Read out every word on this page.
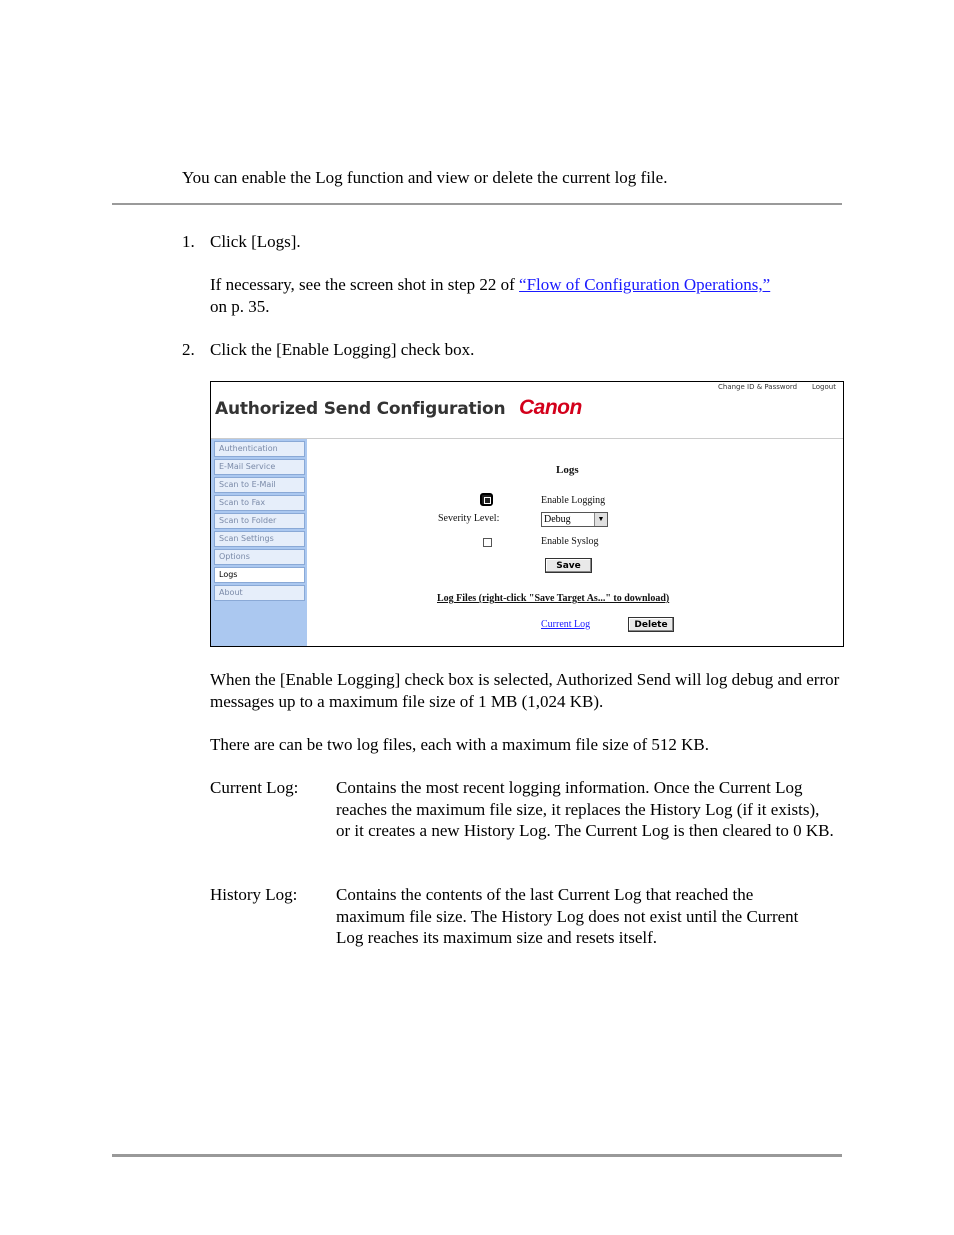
You can enable the Log function and view or delete the current log file.
1. Click [Logs].
If necessary, see the screen shot in step 22 of “Flow of Configuration Operations,”
on p. 35.
2. Click the [Enable Logging] check box.
Authorized Send Configuration Canon
Change ID & Password Logout
Authentication
E-Mail Service
Scan to E-Mail
Scan to Fax
Scan to Folder
Scan Settings
Options
Logs
About
Logs
Enable Logging
Severity Level:	Debug	▼
Enable Syslog
Save
Log Files (right-click "Save Target As..." to download)
Current Log	Delete
When the [Enable Logging] check box is selected, Authorized Send will log debug and error messages up to a maximum file size of 1 MB (1,024 KB).
There are can be two log files, each with a maximum file size of 512 KB.
Current Log: Contains the most recent logging information. Once the Current Log reaches the maximum file size, it replaces the History Log (if it exists), or it creates a new History Log. The Current Log is then cleared to 0 KB.
History Log: Contains the contents of the last Current Log that reached the maximum file size. The History Log does not exist until the Current Log reaches its maximum size and resets itself.
